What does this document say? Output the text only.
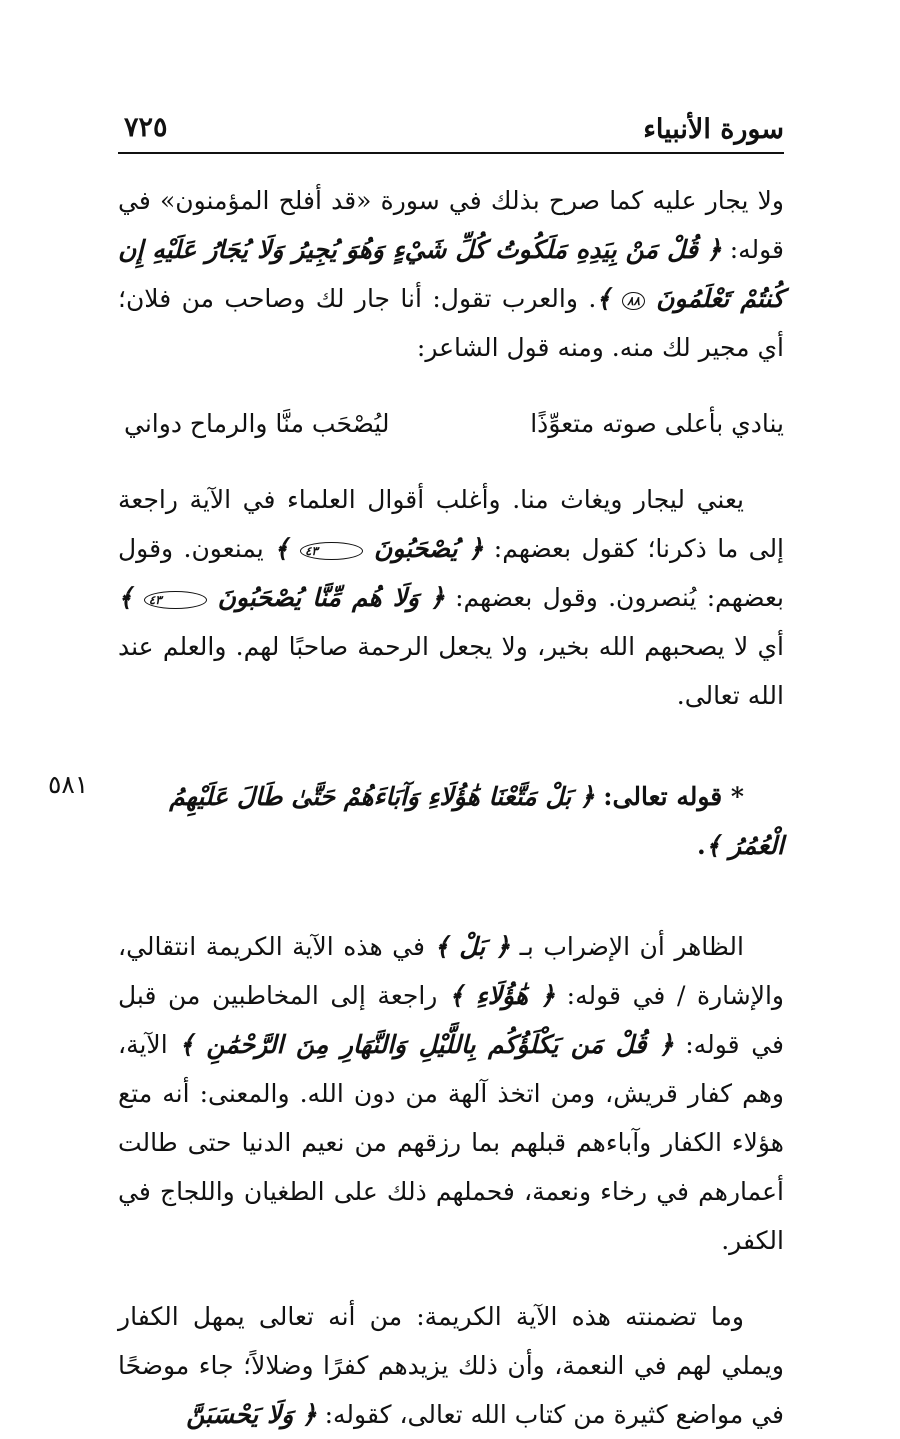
سورة الأنبياء
٧٢٥

ولا يجار عليه كما صرح بذلك في سورة «قد أفلح المؤمنون» في قوله: ﴿ قُلْ مَنْ بِيَدِهِ مَلَكُوتُ كُلِّ شَيْءٍ وَهُوَ يُجِيرُ وَلَا يُجَارُ عَلَيْهِ إِن كُنتُمْ تَعْلَمُونَ ٨٨ ﴾. والعرب تقول: أنا جار لك وصاحب من فلان؛ أي مجير لك منه. ومنه قول الشاعر:

ينادي بأعلى صوته متعوِّذًا
ليُصْحَب منَّا والرماح دواني

يعني ليجار ويغاث منا. وأغلب أقوال العلماء في الآية راجعة إلى ما ذكرنا؛ كقول بعضهم: ﴿ يُصْحَبُونَ ٤٣ ﴾ يمنعون. وقول بعضهم: يُنصرون. وقول بعضهم: ﴿ وَلَا هُم مِّنَّا يُصْحَبُونَ ٤٣ ﴾ أي لا يصحبهم الله بخير، ولا يجعل الرحمة صاحبًا لهم. والعلم عند الله تعالى.

* قوله تعالى: ﴿ بَلْ مَتَّعْنَا هَٰؤُلَاءِ وَآبَاءَهُمْ حَتَّىٰ طَالَ عَلَيْهِمُ الْعُمُرُ ﴾.

الظاهر أن الإضراب بـ ﴿ بَلْ ﴾ في هذه الآية الكريمة انتقالي، والإشارة / في قوله: ﴿ هَٰؤُلَاءِ ﴾ راجعة إلى المخاطبين من قبل في قوله: ﴿ قُلْ مَن يَكْلَؤُكُم بِاللَّيْلِ وَالنَّهَارِ مِنَ الرَّحْمَٰنِ ﴾ الآية، وهم كفار قريش، ومن اتخذ آلهة من دون الله. والمعنى: أنه متع هؤلاء الكفار وآباءهم قبلهم بما رزقهم من نعيم الدنيا حتى طالت أعمارهم في رخاء ونعمة، فحملهم ذلك على الطغيان واللجاج في الكفر.

وما تضمنته هذه الآية الكريمة: من أنه تعالى يمهل الكفار ويملي لهم في النعمة، وأن ذلك يزيدهم كفرًا وضلالاً؛ جاء موضحًا في مواضع كثيرة من كتاب الله تعالى، كقوله: ﴿ وَلَا يَحْسَبَنَّ

٥٨١
